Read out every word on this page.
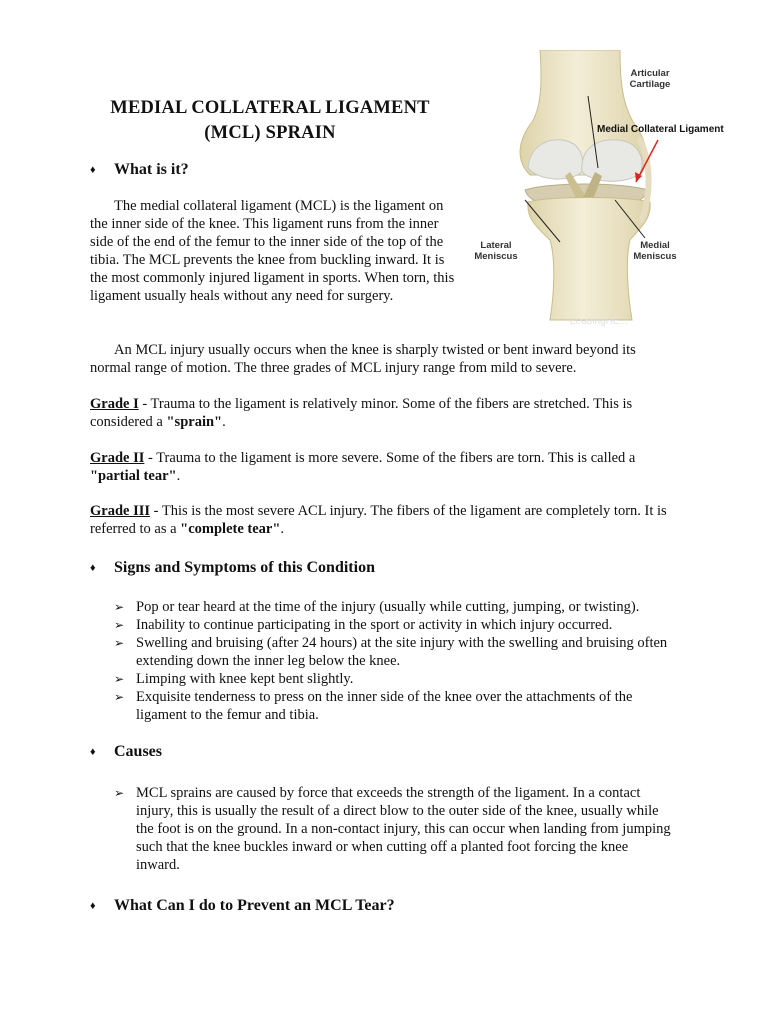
MEDIAL COLLATERAL LIGAMENT
(MCL) SPRAIN
Articular
Cartilage
Medial Collateral Ligament
Lateral
Meniscus
Medial
Meniscus
LeadingHE...
♦ What is it?

The medial collateral ligament (MCL) is the ligament on the inner side of the knee. This ligament runs from the inner side of the end of the femur to the inner side of the top of the tibia. The MCL prevents the knee from buckling inward. It is the most commonly injured ligament in sports. When torn, this ligament usually heals without any need for surgery.

An MCL injury usually occurs when the knee is sharply twisted or bent inward beyond its normal range of motion. The three grades of MCL injury range from mild to severe.

Grade I - Trauma to the ligament is relatively minor. Some of the fibers are stretched. This is considered a "sprain".

Grade II - Trauma to the ligament is more severe. Some of the fibers are torn. This is called a "partial tear".

Grade III - This is the most severe ACL injury. The fibers of the ligament are completely torn. It is referred to as a "complete tear".

♦ Signs and Symptoms of this Condition
➢ Pop or tear heard at the time of the injury (usually while cutting, jumping, or twisting).
➢ Inability to continue participating in the sport or activity in which injury occurred.
➢ Swelling and bruising (after 24 hours) at the site injury with the swelling and bruising often extending down the inner leg below the knee.
➢ Limping with knee kept bent slightly.
➢ Exquisite tenderness to press on the inner side of the knee over the attachments of the ligament to the femur and tibia.
♦ Causes
➢ MCL sprains are caused by force that exceeds the strength of the ligament. In a contact injury, this is usually the result of a direct blow to the outer side of the knee, usually while the foot is on the ground. In a non-contact injury, this can occur when landing from jumping such that the knee buckles inward or when cutting off a planted foot forcing the knee inward.
♦ What Can I do to Prevent an MCL Tear?
